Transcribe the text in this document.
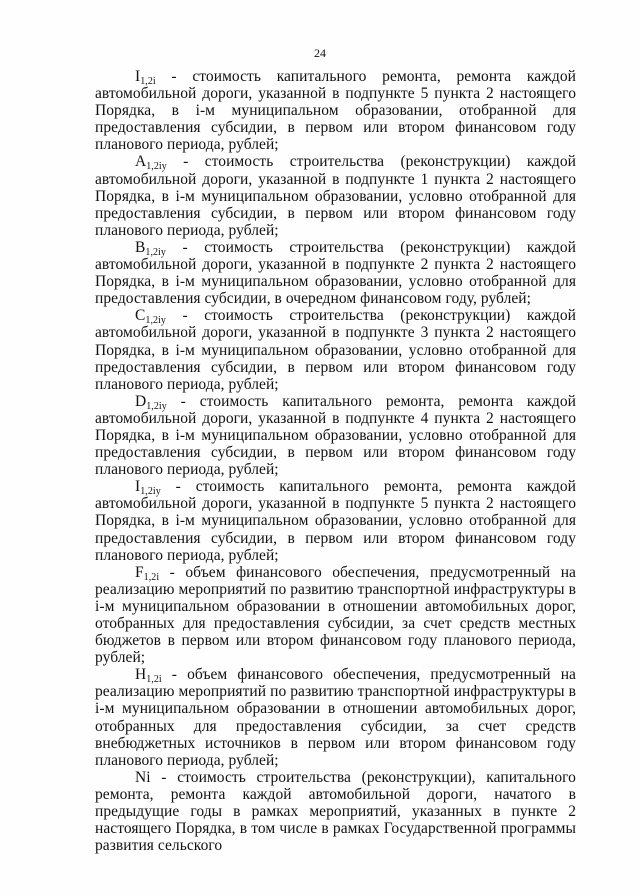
24

$I_{1,2i}$ - стоимость капитального ремонта, ремонта каждой автомобильной дороги, указанной в подпункте 5 пункта 2 настоящего Порядка, в i-м муниципальном образовании, отобранной для предоставления субсидии, в первом или втором финансовом году планового периода, рублей;

$A_{1,2iy}$ - стоимость строительства (реконструкции) каждой автомобильной дороги, указанной в подпункте 1 пункта 2 настоящего Порядка, в i-м муниципальном образовании, условно отобранной для предоставления субсидии, в первом или втором финансовом году планового периода, рублей;

$B_{1,2iy}$ - стоимость строительства (реконструкции) каждой автомобильной дороги, указанной в подпункте 2 пункта 2 настоящего Порядка, в i-м муниципальном образовании, условно отобранной для предоставления субсидии, в очередном финансовом году, рублей;

$C_{1,2iy}$ - стоимость строительства (реконструкции) каждой автомобильной дороги, указанной в подпункте 3 пункта 2 настоящего Порядка, в i-м муниципальном образовании, условно отобранной для предоставления субсидии, в первом или втором финансовом году планового периода, рублей;

$D_{1,2iy}$ - стоимость капитального ремонта, ремонта каждой автомобильной дороги, указанной в подпункте 4 пункта 2 настоящего Порядка, в i-м муниципальном образовании, условно отобранной для предоставления субсидии, в первом или втором финансовом году планового периода, рублей;

$I_{1,2iy}$ - стоимость капитального ремонта, ремонта каждой автомобильной дороги, указанной в подпункте 5 пункта 2 настоящего Порядка, в i-м муниципальном образовании, условно отобранной для предоставления субсидии, в первом или втором финансовом году планового периода, рублей;

$F_{1,2i}$ - объем финансового обеспечения, предусмотренный на реализацию мероприятий по развитию транспортной инфраструктуры в i-м муниципальном образовании в отношении автомобильных дорог, отобранных для предоставления субсидии, за счет средств местных бюджетов в первом или втором финансовом году планового периода, рублей;

$H_{1,2i}$ - объем финансового обеспечения, предусмотренный на реализацию мероприятий по развитию транспортной инфраструктуры в i-м муниципальном образовании в отношении автомобильных дорог, отобранных для предоставления субсидии, за счет средств внебюджетных источников в первом или втором финансовом году планового периода, рублей;

Ni - стоимость строительства (реконструкции), капитального ремонта, ремонта каждой автомобильной дороги, начатого в предыдущие годы в рамках мероприятий, указанных в пункте 2 настоящего Порядка, в том числе в рамках Государственной программы развития сельского
